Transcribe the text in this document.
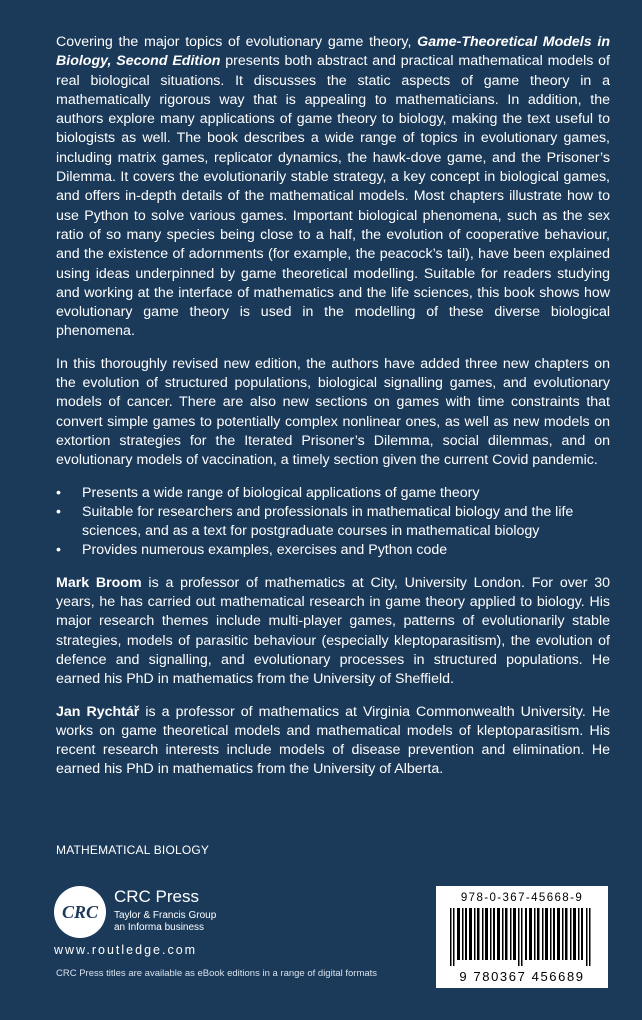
Covering the major topics of evolutionary game theory, Game-Theoretical Models in Biology, Second Edition presents both abstract and practical mathematical models of real biological situations. It discusses the static aspects of game theory in a mathematically rigorous way that is appealing to mathematicians. In addition, the authors explore many applications of game theory to biology, making the text useful to biologists as well. The book describes a wide range of topics in evolutionary games, including matrix games, replicator dynamics, the hawk-dove game, and the Prisoner’s Dilemma. It covers the evolutionarily stable strategy, a key concept in biological games, and offers in-depth details of the mathematical models. Most chapters illustrate how to use Python to solve various games. Important biological phenomena, such as the sex ratio of so many species being close to a half, the evolution of cooperative behaviour, and the existence of adornments (for example, the peacock’s tail), have been explained using ideas underpinned by game theoretical modelling. Suitable for readers studying and working at the interface of mathematics and the life sciences, this book shows how evolutionary game theory is used in the modelling of these diverse biological phenomena.

In this thoroughly revised new edition, the authors have added three new chapters on the evolution of structured populations, biological signalling games, and evolutionary models of cancer. There are also new sections on games with time constraints that convert simple games to potentially complex nonlinear ones, as well as new models on extortion strategies for the Iterated Prisoner’s Dilemma, social dilemmas, and on evolutionary models of vaccination, a timely section given the current Covid pandemic.

• Presents a wide range of biological applications of game theory
• Suitable for researchers and professionals in mathematical biology and the life sciences, and as a text for postgraduate courses in mathematical biology
• Provides numerous examples, exercises and Python code

Mark Broom is a professor of mathematics at City, University London. For over 30 years, he has carried out mathematical research in game theory applied to biology. His major research themes include multi-player games, patterns of evolutionarily stable strategies, models of parasitic behaviour (especially kleptoparasitism), the evolution of defence and signalling, and evolutionary processes in structured populations. He earned his PhD in mathematics from the University of Sheffield.

Jan Rychtář is a professor of mathematics at Virginia Commonwealth University. He works on game theoretical models and mathematical models of kleptoparasitism. His recent research interests include models of disease prevention and elimination. He earned his PhD in mathematics from the University of Alberta.

MATHEMATICAL BIOLOGY
CRC
CRC Press
Taylor & Francis Group
an Informa business
www.routledge.com
CRC Press titles are available as eBook editions in a range of digital formats
978-0-367-45668-9
9 780367 456689
